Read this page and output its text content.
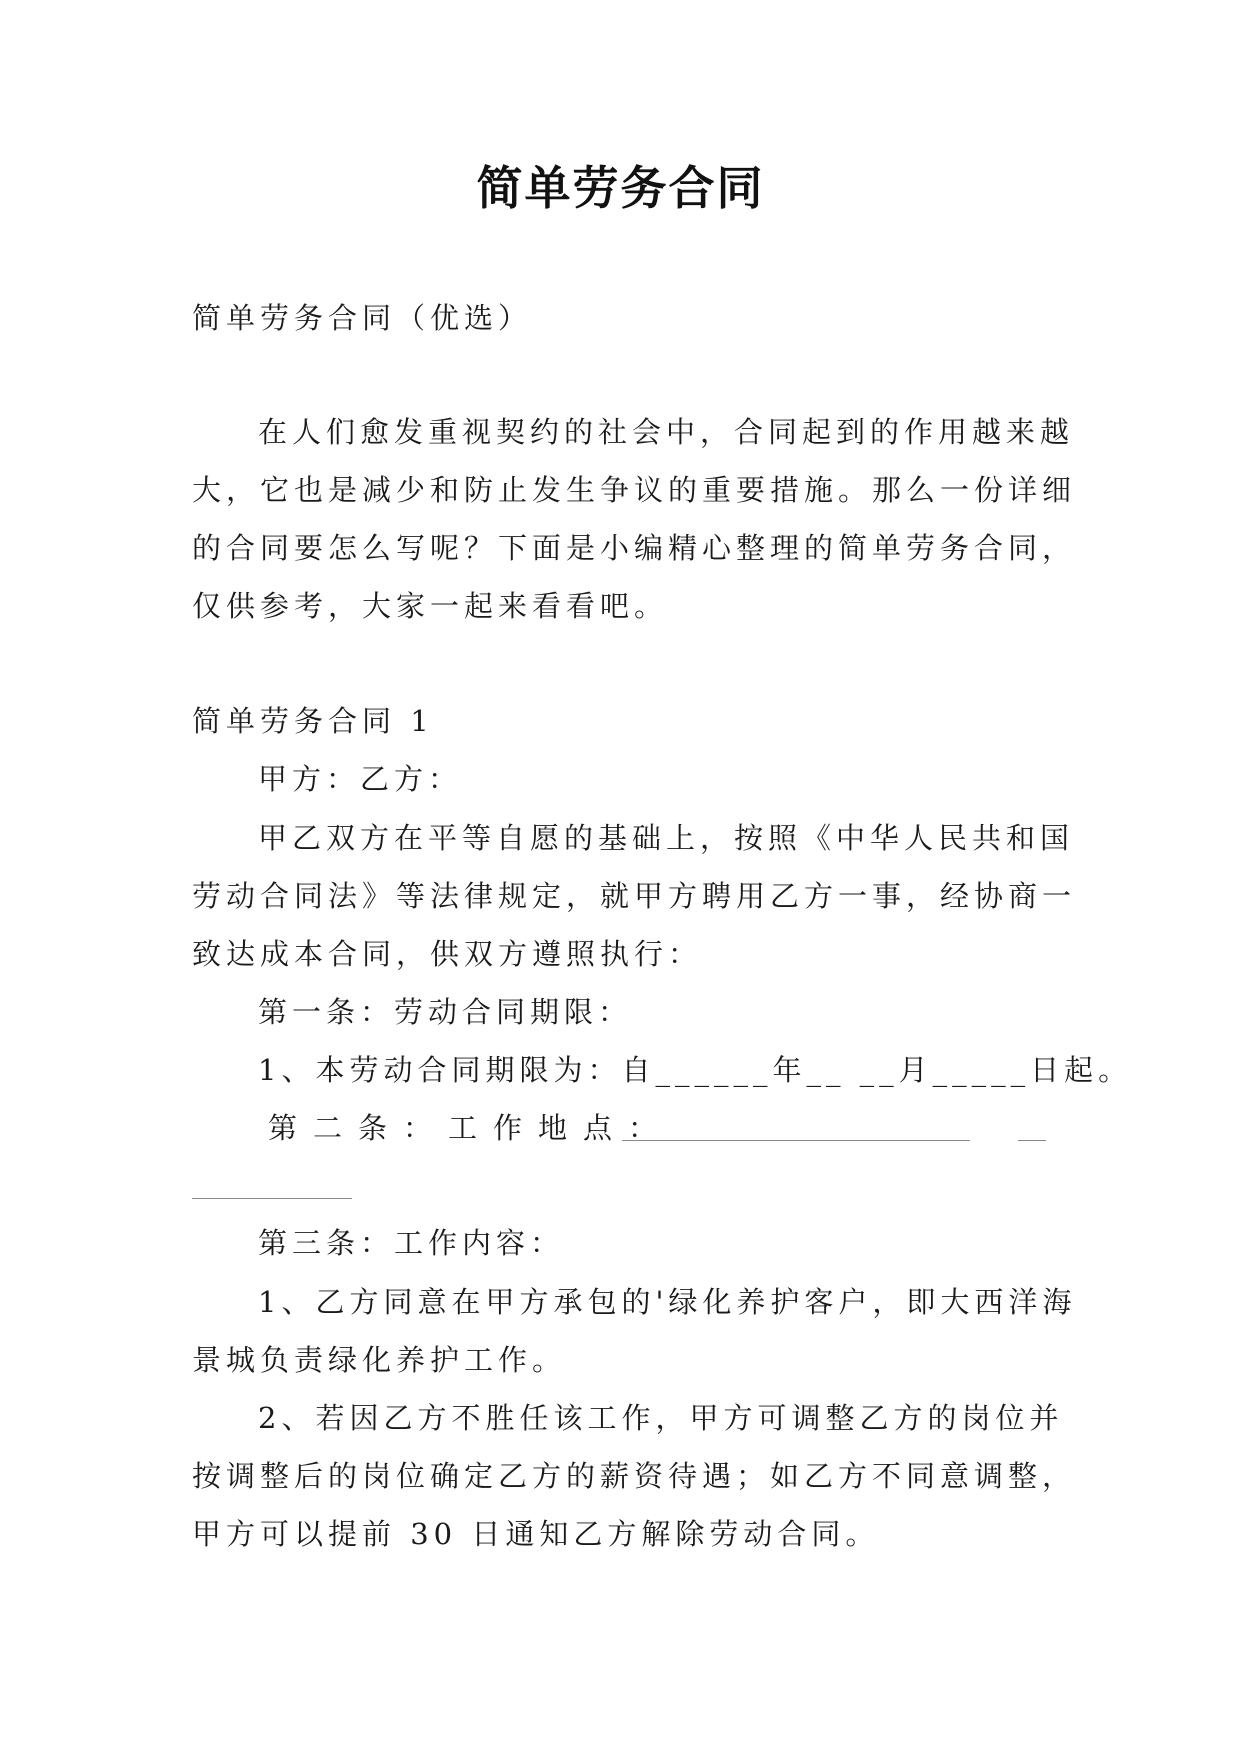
简单劳务合同
简单劳务合同（优选）
在人们愈发重视契约的社会中，合同起到的作用越来越
大，它也是减少和防止发生争议的重要措施。那么一份详细
的合同要怎么写呢？下面是小编精心整理的简单劳务合同，
仅供参考，大家一起来看看吧。
简单劳务合同 1
甲方：乙方：
甲乙双方在平等自愿的基础上，按照《中华人民共和国
劳动合同法》等法律规定，就甲方聘用乙方一事，经协商一
致达成本合同，供双方遵照执行：
第一条：劳动合同期限：
1、本劳动合同期限为：自______年__ __月_____日起。
第二条：工作地点：
第三条：工作内容：
1、乙方同意在甲方承包的'绿化养护客户，即大西洋海
景城负责绿化养护工作。
2、若因乙方不胜任该工作，甲方可调整乙方的岗位并
按调整后的岗位确定乙方的薪资待遇；如乙方不同意调整，
甲方可以提前 30 日通知乙方解除劳动合同。
